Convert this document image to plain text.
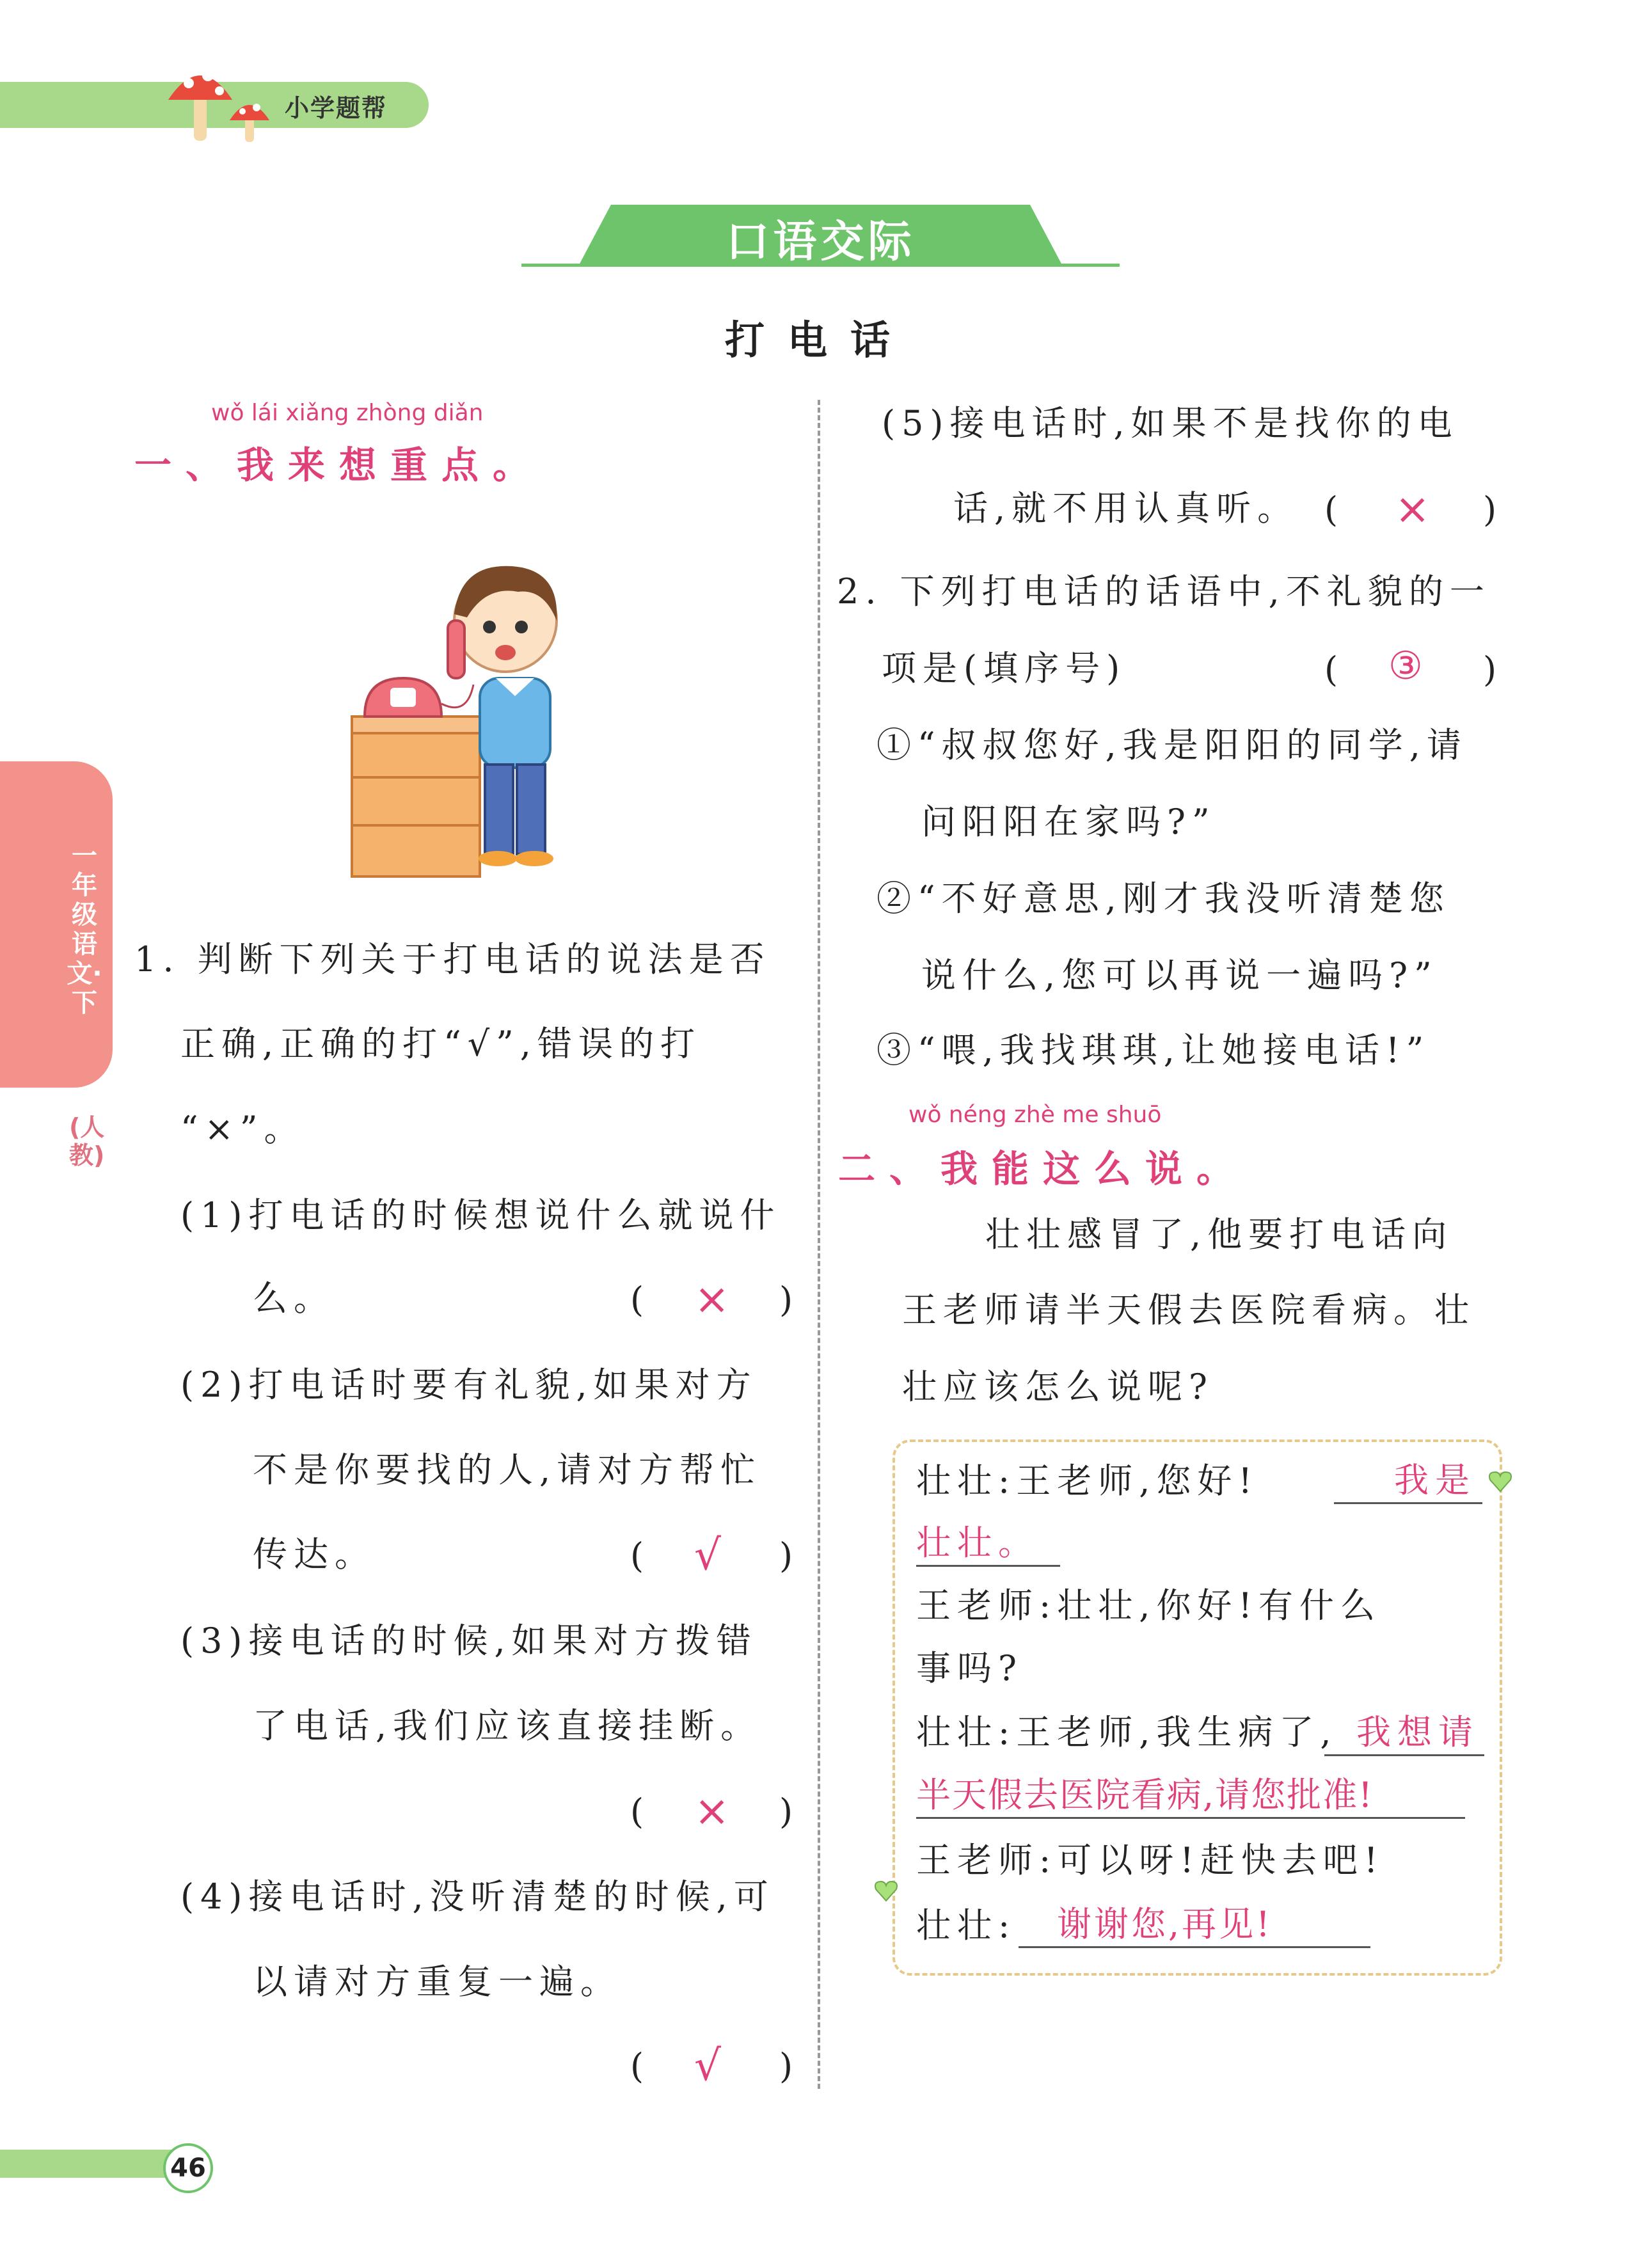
小学题帮
口语交际
打电话
一年级语文·下
(人教)
wǒ lái xiǎng zhòng diǎn
一、我来想重点。
1. 判断下列关于打电话的说法是否
正确,正确的打“√”,错误的打
“×”。
(1)打电话的时候想说什么就说什
么。	( × )
(2)打电话时要有礼貌,如果对方
不是你要找的人,请对方帮忙
传达。	( √ )
(3)接电话的时候,如果对方拨错
了电话,我们应该直接挂断。
( × )
(4)接电话时,没听清楚的时候,可
以请对方重复一遍。
( √ )
(5)接电话时,如果不是找你的电
话,就不用认真听。 ( × )
2. 下列打电话的话语中,不礼貌的一
项是(填序号)	( ③ )
①“叔叔您好,我是阳阳的同学,请
问阳阳在家吗?”
②“不好意思,刚才我没听清楚您
说什么,您可以再说一遍吗?”
③“喂,我找琪琪,让她接电话!”
wǒ néng zhè me shuō
二、我能这么说。
壮壮感冒了,他要打电话向
王老师请半天假去医院看病。壮
壮应该怎么说呢?
壮壮:王老师,您好!	我是
壮壮。
王老师:壮壮,你好!有什么
事吗?
壮壮:王老师,我生病了, 我想请
半天假去医院看病,请您批准!
王老师:可以呀!赶快去吧!
壮壮: 谢谢您,再见!
46
